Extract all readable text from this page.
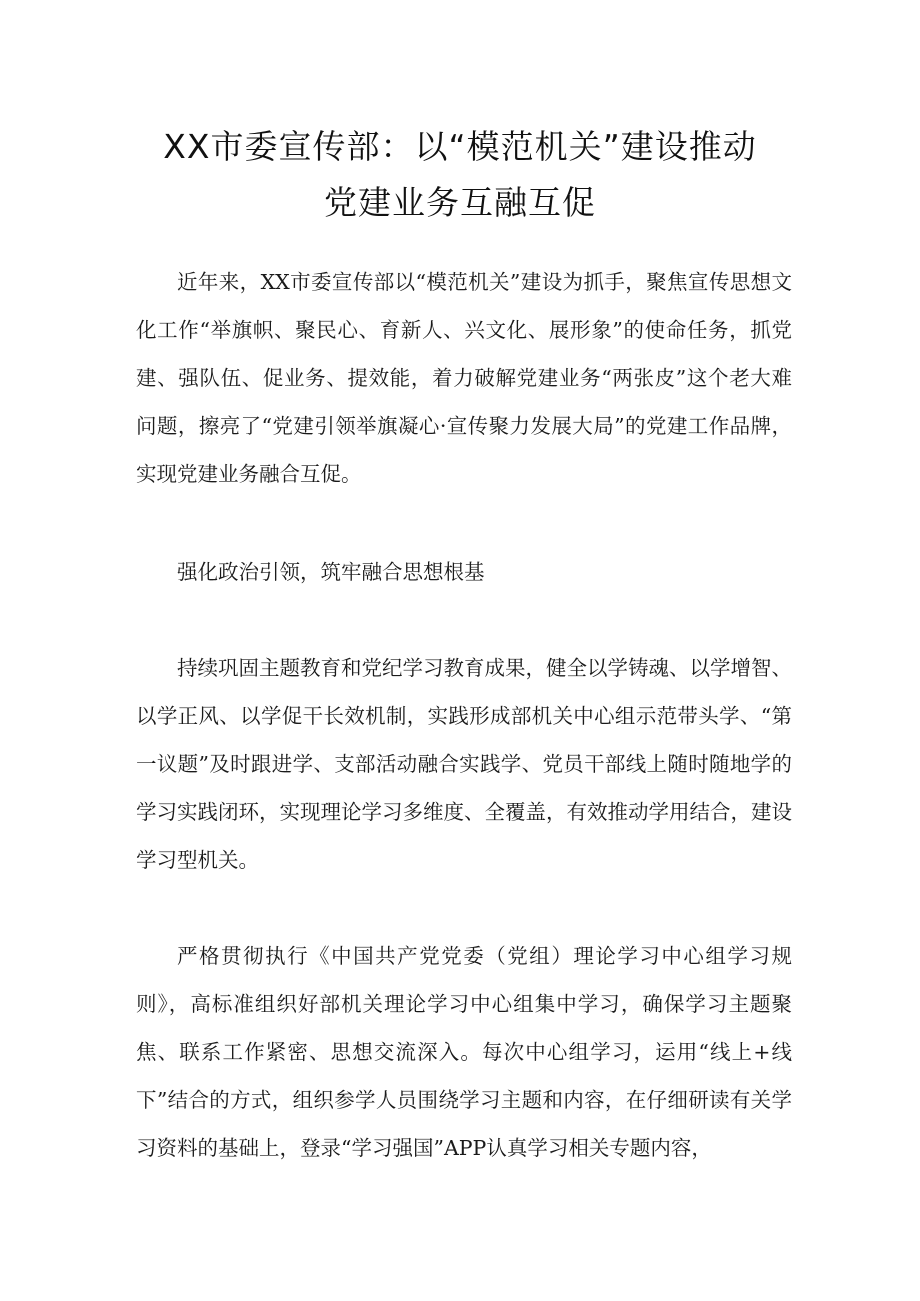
XX市委宣传部：以“模范机关”建设推动
党建业务互融互促

近年来，XX市委宣传部以“模范机关”建设为抓手，聚焦宣传思想文化工作“举旗帜、聚民心、育新人、兴文化、展形象”的使命任务，抓党建、强队伍、促业务、提效能，着力破解党建业务“两张皮”这个老大难问题，擦亮了“党建引领举旗凝心·宣传聚力发展大局”的党建工作品牌，实现党建业务融合互促。

强化政治引领，筑牢融合思想根基

持续巩固主题教育和党纪学习教育成果，健全以学铸魂、以学增智、以学正风、以学促干长效机制，实践形成部机关中心组示范带头学、“第一议题”及时跟进学、支部活动融合实践学、党员干部线上随时随地学的学习实践闭环，实现理论学习多维度、全覆盖，有效推动学用结合，建设学习型机关。

严格贯彻执行《中国共产党党委（党组）理论学习中心组学习规则》，高标准组织好部机关理论学习中心组集中学习，确保学习主题聚焦、联系工作紧密、思想交流深入。每次中心组学习，运用“线上+线下”结合的方式，组织参学人员围绕学习主题和内容，在仔细研读有关学习资料的基础上，登录“学习强国”APP认真学习相关专题内容，
